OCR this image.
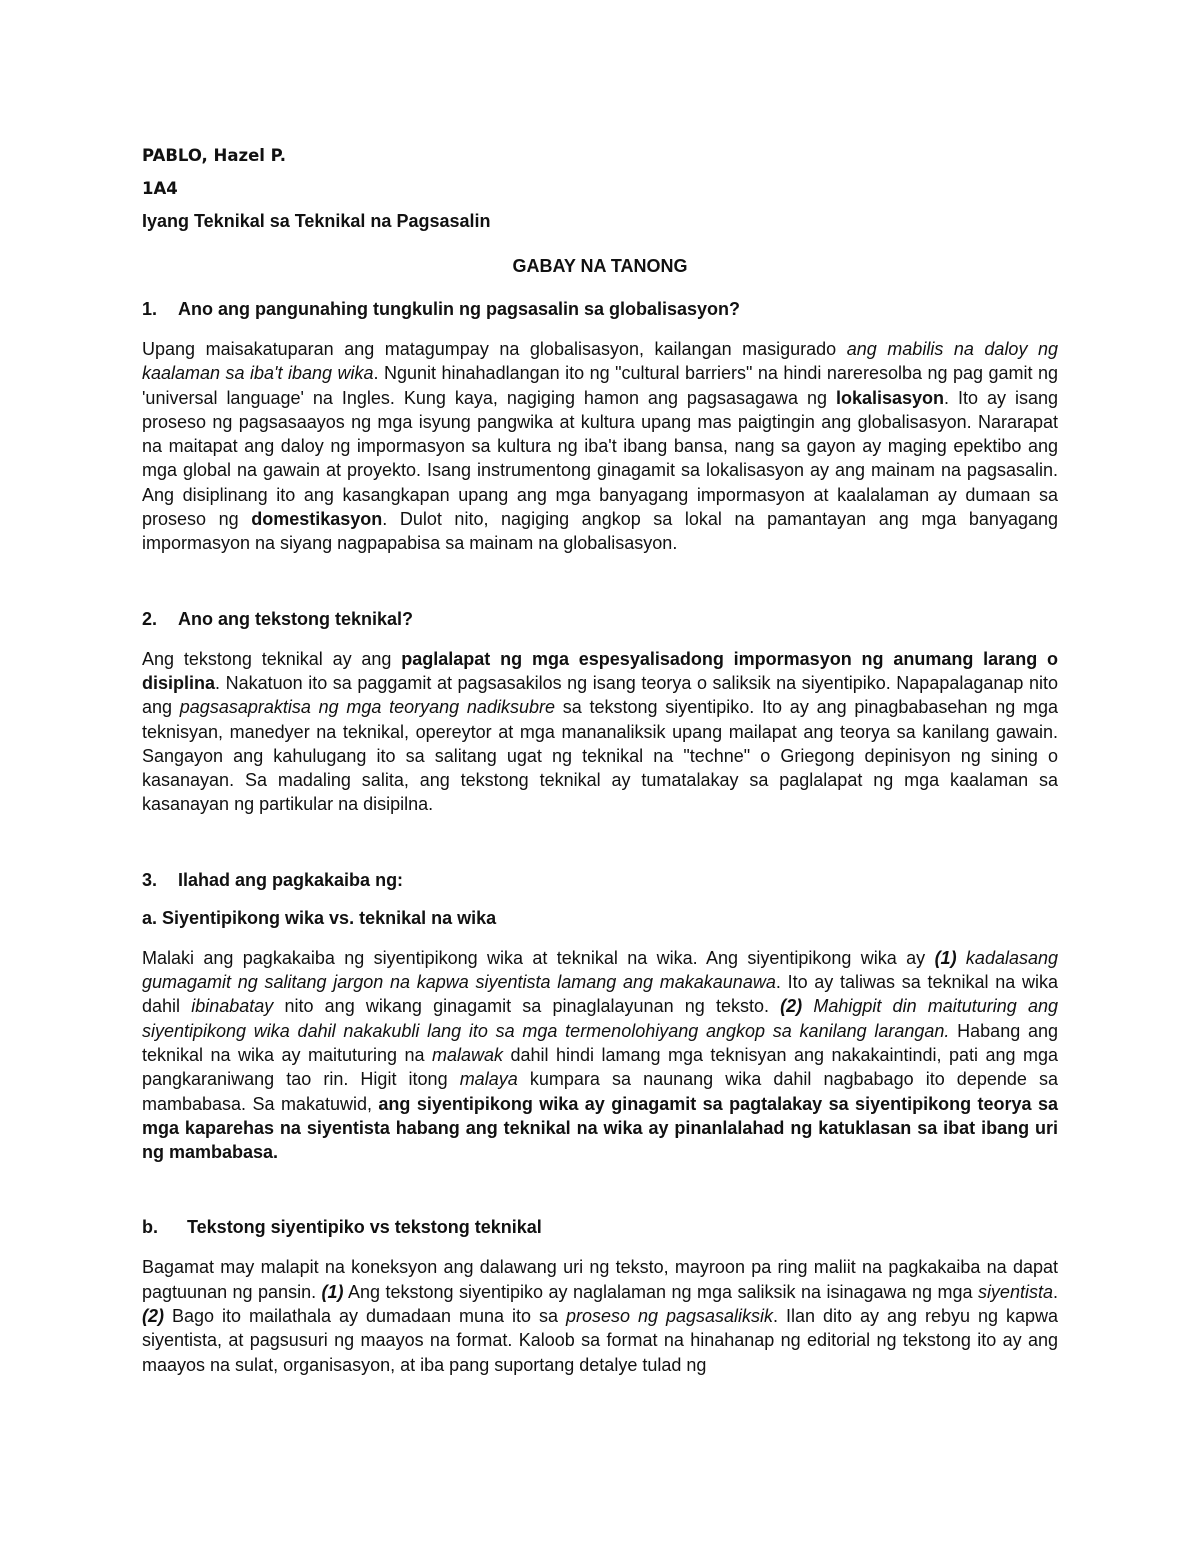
PABLO, Hazel P.
1A4
Iyang Teknikal sa Teknikal na Pagsasalin
GABAY NA TANONG
1.	Ano ang pangunahing tungkulin ng pagsasalin sa globalisasyon?

Upang maisakatuparan ang matagumpay na globalisasyon, kailangan masigurado ang mabilis na daloy ng kaalaman sa iba't ibang wika. Ngunit hinahadlangan ito ng "cultural barriers" na hindi nareresolba ng pag gamit ng 'universal language' na Ingles. Kung kaya, nagiging hamon ang pagsasagawa ng lokalisasyon. Ito ay isang proseso ng pagsasaayos ng mga isyung pangwika at kultura upang mas paigtingin ang globalisasyon. Nararapat na maitapat ang daloy ng impormasyon sa kultura ng iba't ibang bansa, nang sa gayon ay maging epektibo ang mga global na gawain at proyekto. Isang instrumentong ginagamit sa lokalisasyon ay ang mainam na pagsasalin. Ang disiplinang ito ang kasangkapan upang ang mga banyagang impormasyon at kaalalaman ay dumaan sa proseso ng domestikasyon. Dulot nito, nagiging angkop sa lokal na pamantayan ang mga banyagang impormasyon na siyang nagpapabisa sa mainam na globalisasyon.

2.	Ano ang tekstong teknikal?

Ang tekstong teknikal ay ang paglalapat ng mga espesyalisadong impormasyon ng anumang larang o disiplina. Nakatuon ito sa paggamit at pagsasakilos ng isang teorya o saliksik na siyentipiko. Napapalaganap nito ang pagsasapraktisa ng mga teoryang nadiksubre sa tekstong siyentipiko. Ito ay ang pinagbabasehan ng mga teknisyan, manedyer na teknikal, opereytor at mga mananaliksik upang mailapat ang teorya sa kanilang gawain. Sangayon ang kahulugang ito sa salitang ugat ng teknikal na "techne" o Griegong depinisyon ng sining o kasanayan. Sa madaling salita, ang tekstong teknikal ay tumatalakay sa paglalapat ng mga kaalaman sa kasanayan ng partikular na disipilna.

3.	Ilahad ang pagkakaiba ng:
a. Siyentipikong wika vs. teknikal na wika

Malaki ang pagkakaiba ng siyentipikong wika at teknikal na wika. Ang siyentipikong wika ay (1) kadalasang gumagamit ng salitang jargon na kapwa siyentista lamang ang makakaunawa. Ito ay taliwas sa teknikal na wika dahil ibinabatay nito ang wikang ginagamit sa pinaglalayunan ng teksto. (2) Mahigpit din maituturing ang siyentipikong wika dahil nakakubli lang ito sa mga termenolohiyang angkop sa kanilang larangan. Habang ang teknikal na wika ay maituturing na malawak dahil hindi lamang mga teknisyan ang nakakaintindi, pati ang mga pangkaraniwang tao rin. Higit itong malaya kumpara sa naunang wika dahil nagbabago ito depende sa mambabasa. Sa makatuwid, ang siyentipikong wika ay ginagamit sa pagtalakay sa siyentipikong teorya sa mga kaparehas na siyentista habang ang teknikal na wika ay pinanlalahad ng katuklasan sa ibat ibang uri ng mambabasa.

b.	Tekstong siyentipiko vs tekstong teknikal

Bagamat may malapit na koneksyon ang dalawang uri ng teksto, mayroon pa ring maliit na pagkakaiba na dapat pagtuunan ng pansin. (1) Ang tekstong siyentipiko ay naglalaman ng mga saliksik na isinagawa ng mga siyentista. (2) Bago ito mailathala ay dumadaan muna ito sa proseso ng pagsasaliksik. Ilan dito ay ang rebyu ng kapwa siyentista, at pagsusuri ng maayos na format. Kaloob sa format na hinahanap ng editorial ng tekstong ito ay ang maayos na sulat, organisasyon, at iba pang suportang detalye tulad ng
